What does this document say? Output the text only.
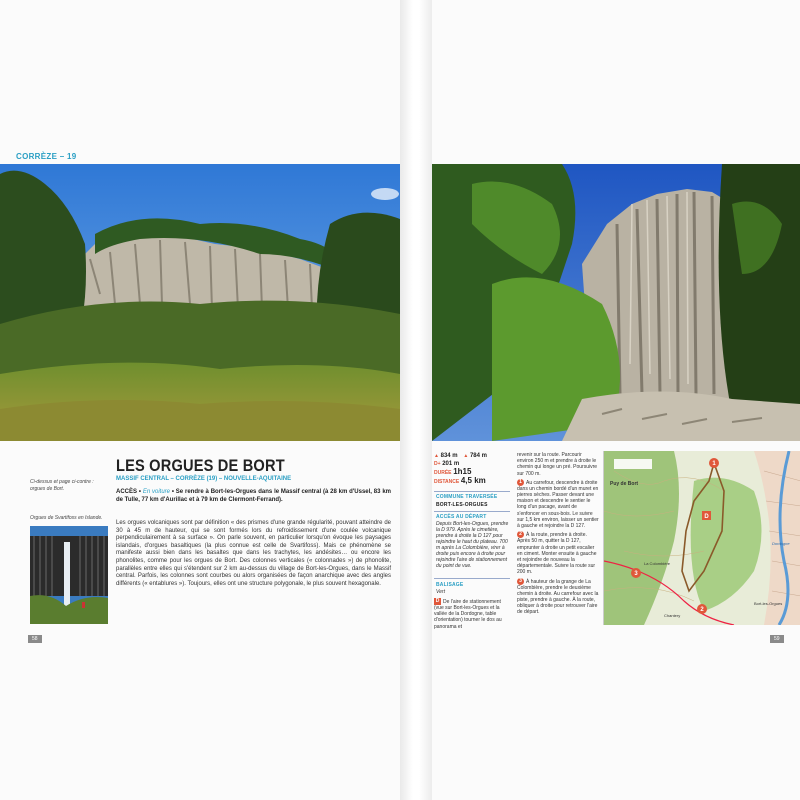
CORRÈZE – 19
Ci-dessus et page ci-contre : orgues de Bort.
Orgues de Svartifoss en Islande.
LES ORGUES DE BORT
MASSIF CENTRAL – CORRÈZE (19) – NOUVELLE-AQUITAINE
ACCÈS • En voiture • Se rendre à Bort-les-Orgues dans le Massif central (à 28 km d'Ussel, 83 km de Tulle, 77 km d'Aurillac et à 79 km de Clermont-Ferrand).
Les orgues volcaniques sont par définition « des prismes d'une grande régularité, pouvant atteindre de 30 à 45 m de hauteur, qui se sont formés lors du refroidissement d'une coulée volcanique perpendiculairement à sa surface ». On parle souvent, en particulier lorsqu'on évoque les paysages islandais, d'orgues basaltiques (la plus connue est celle de Svartifoss). Mais ce phénomène se manifeste aussi bien dans les basaltes que dans les trachytes, les andésites… ou encore les phonolites, comme pour les orgues de Bort. Des colonnes verticales (« colonnades ») de phonolite, parallèles entre elles qui s'étendent sur 2 km au-dessus du village de Bort-les-Orgues, dans le Massif central. Parfois, les colonnes sont courbes ou alors organisées de façon anarchique avec des angles différents (« entablures »). Toujours, elles ont une structure polygonale, le plus souvent hexagonale.
58
▲ 834 m ▲ 784 m
D+ 201 m
DURÉE 1h15
DISTANCE 4,5 km
COMMUNE TRAVERSÉE
BORT-LES-ORGUES
ACCÈS AU DÉPART
Depuis Bort-les-Orgues, prendre la D 979. Après le cimetière, prendre à droite la D 127 pour rejoindre le haut du plateau. 700 m après La Colombière, virer à droite puis encore à droite pour rejoindre l'aire de stationnement du point de vue.
BALISAGE
Vert
D De l'aire de stationnement (vue sur Bort-les-Orgues et la vallée de la Dordogne, table d'orientation) tourner le dos au panorama et
revenir sur la route. Parcourir environ 250 m et prendre à droite le chemin qui longe un pré. Poursuivre sur 700 m.
1 Au carrefour, descendre à droite dans un chemin bordé d'un muret en pierres sèches. Passer devant une maison et descendre le sentier le long d'un pacage, avant de s'enfoncer en sous-bois. Le suivre sur 1,5 km environ, laisser un sentier à gauche et rejoindre la D 127.
2 À la route, prendre à droite. Après 50 m, quitter la D 127, emprunter à droite un petit escalier en ciment. Monter ensuite à gauche et rejoindre de nouveau la départementale. Suivre la route sur 200 m.
3 À hauteur de la grange de La Colombière, prendre le deuxième chemin à droite. Au carrefour avec la piste, prendre à gauche. À la route, obliquer à droite pour retrouver l'aire de départ.
1
D
3
2
Puy de Bort
La Colombière
Chantery
Bort-les-Orgues
Dordogne
59
